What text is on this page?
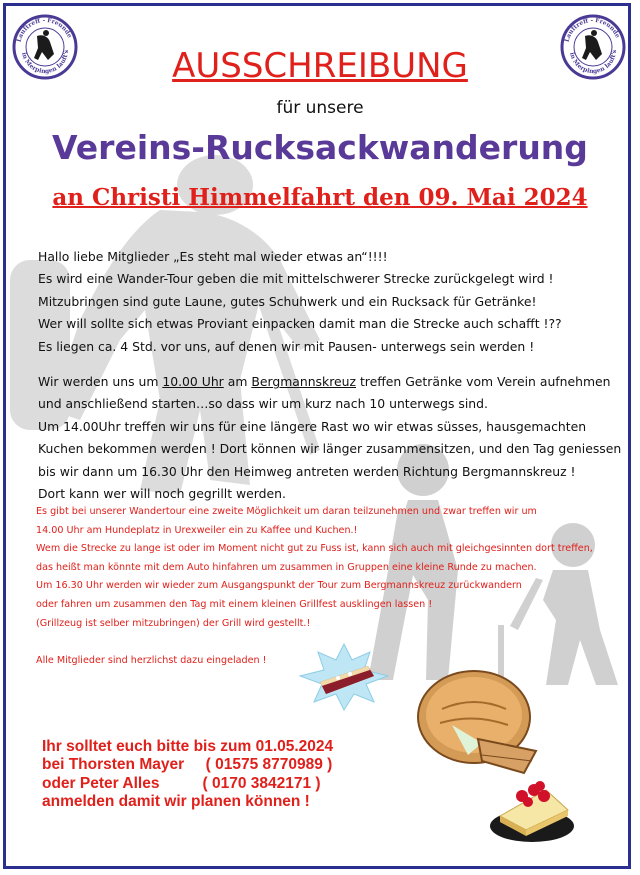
Lauftreff - Freunde
in Merpingen lauft's
Lauftreff - Freunde
in Merpingen lauft's
AUSSCHREIBUNG
für unsere
Vereins-Rucksackwanderung
an Christi Himmelfahrt den 09. Mai 2024
Hallo liebe Mitglieder „Es steht mal wieder etwas an“!!!!
Es wird eine Wander-Tour geben die mit mittelschwerer Strecke zurückgelegt wird !
Mitzubringen sind gute Laune, gutes Schuhwerk und ein Rucksack für Getränke!
Wer will sollte sich etwas Proviant einpacken damit man die Strecke auch schafft !??
Es liegen ca. 4 Std. vor uns, auf denen wir mit Pausen- unterwegs sein werden !
Wir werden uns um 10.00 Uhr am Bergmannskreuz treffen Getränke vom Verein aufnehmen
und anschließend starten…so dass wir um kurz nach 10 unterwegs sind.
Um 14.00Uhr treffen wir uns für eine längere Rast wo wir etwas süsses, hausgemachten
Kuchen bekommen werden ! Dort können wir länger zusammensitzen, und den Tag geniessen
bis wir dann um 16.30 Uhr den Heimweg antreten werden Richtung Bergmannskreuz !
Dort kann wer will noch gegrillt werden.
Es gibt bei unserer Wandertour eine zweite Möglichkeit um daran teilzunehmen und zwar treffen wir um
14.00 Uhr am Hundeplatz in Urexweiler ein zu Kaffee und Kuchen.!
Wem die Strecke zu lange ist oder im Moment nicht gut zu Fuss ist, kann sich auch mit gleichgesinnten dort treffen,
das heißt man könnte mit dem Auto hinfahren um zusammen in Gruppen eine kleine Runde zu machen.
Um 16.30 Uhr werden wir wieder zum Ausgangspunkt der Tour zum Bergmannskreuz zurückwandern
oder fahren um zusammen den Tag mit einem kleinen Grillfest ausklingen lassen !
(Grillzeug ist selber mitzubringen) der Grill wird gestellt.!
Alle Mitglieder sind herzlichst dazu eingeladen !
Ihr solltet euch bitte bis zum 01.05.2024
bei Thorsten Mayer     ( 01575 8770989 )
oder Peter Alles          ( 0170 3842171 )
anmelden damit wir planen können !
